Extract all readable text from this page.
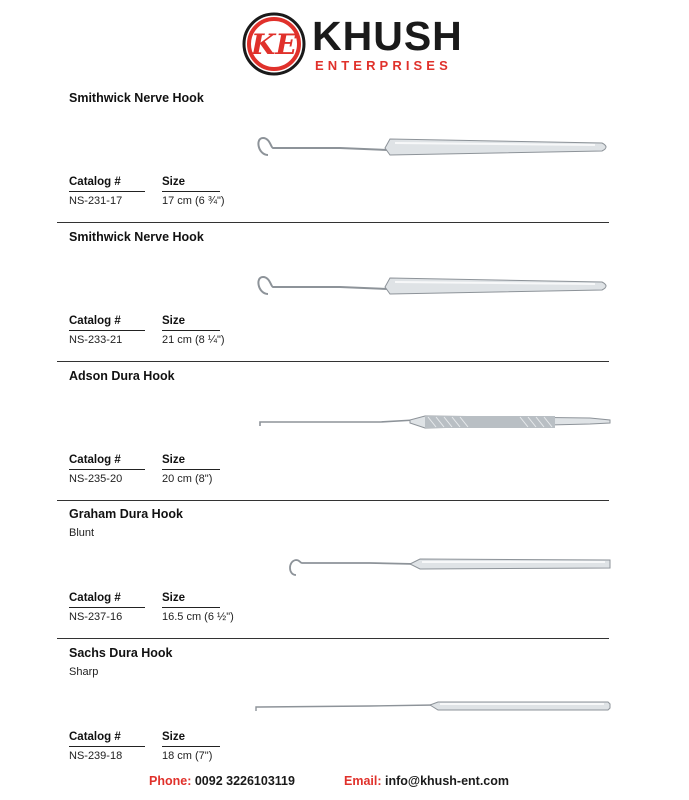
KE KHUSH
ENTERPRISES
Smithwick Nerve Hook
Catalog #	Size
NS-231-17	17 cm (6 ¾")
Smithwick Nerve Hook
Catalog #	Size
NS-233-21	21 cm (8 ¼")
Adson Dura Hook
Catalog #	Size
NS-235-20	20 cm (8")
Graham Dura Hook
Blunt
Catalog #	Size
NS-237-16	16.5 cm (6 ½")
Sachs Dura Hook
Sharp
Catalog #	Size
NS-239-18	18 cm (7")
Phone: 0092 3226103119	Email: info@khush-ent.com
